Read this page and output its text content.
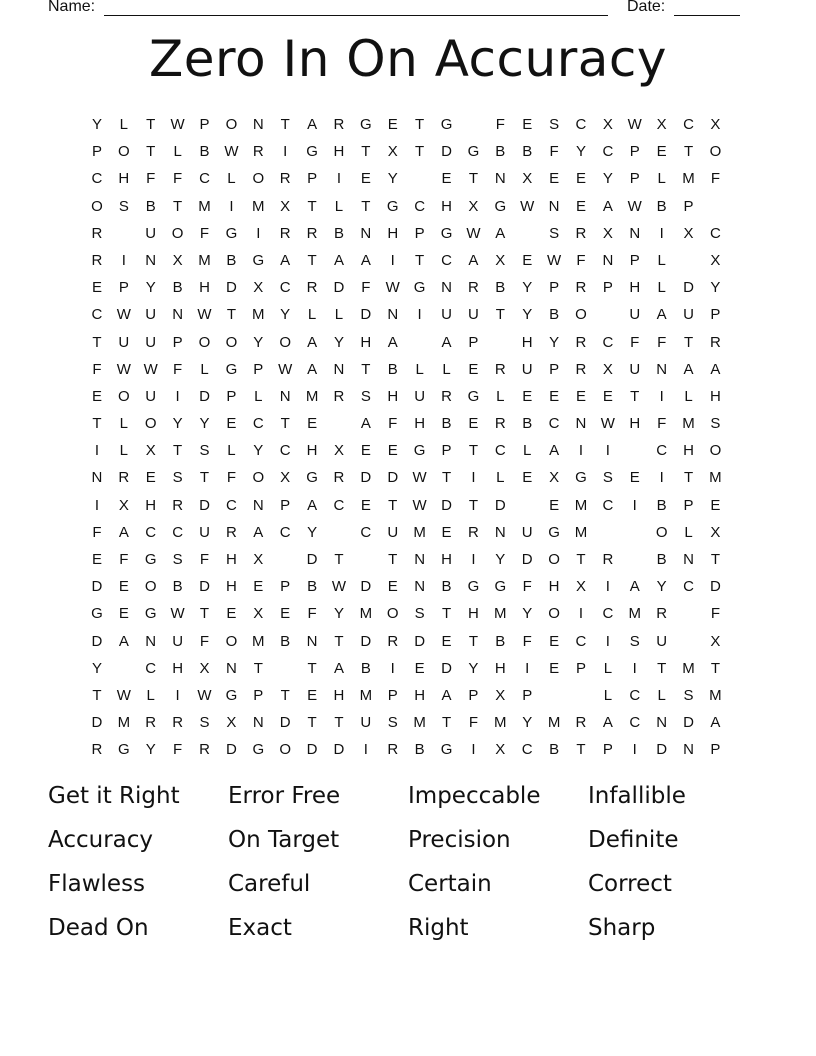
Name:	Date:
Zero In On Accuracy
Y	L	T W P	O N	T	A	R G	E	T	G	F	E	S	C	X W X	C	X
P	O	T	L	B W R	I	G H	T	X	T	D G	B	B	F	Y	C	P	E	T	O
C	H	F	F	C	L	O R	P	I	E	Y	E	T	N	X	E	E	Y	P	L	M	F
O	S	B	T	M	I	M X	T	L	T	G C	H	X	G W N	E	A W B	P
R	U O	F	G	I	R	R	B	N	H	P	G W A	S	R	X	N	I	X	C
R	I	N	X M B	G	A	T	A	A	I	T	C	A	X	E W F	N	P	L	X
E	P	Y	B	H	D	X	C	R	D	F W G N	R	B	Y	P	R	P	H	L	D	Y
C W U	N W T	M Y	L	L	D	N	I	U	U	T	Y	B	O	U	A	U	P
T	U	U	P	O O	Y	O	A	Y	H	A	A	P	H	Y	R	C	F	F	T	R
F W W F	L	G	P W A	N	T	B	L	L	E	R	U	P	R	X	U	N	A	A
E	O U	I	D	P	L	N M R	S	H	U	R G	L	E	E	E	E	T	I	L	H
T	L	O	Y	Y	E	C	T	E	A	F	H	B	E	R	B	C	N W H	F	M S
I	L	X	T	S	L	Y	C	H	X	E	E	G	P	T	C	L	A	I	I	C	H O
N	R	E	S	T	F	O	X	G R	D	D W T	I	L	E	X	G	S	E	I	T	M
I	X	H	R	D	C	N	P	A	C	E	T W D	T	D	E M C	I	B	P	E
F	A	C	C	U	R	A	C	Y	C	U M E	R	N	U G M	O	L	X
E	F	G	S	F	H	X	D	T	T	N	H	I	Y	D O	T	R	B	N	T
D	E	O	B	D	H	E	P	B W D	E	N	B	G G	F	H	X	I	A	Y	C	D
G	E	G W T	E	X	E	F	Y M O	S	T	H M Y	O	I	C M R	F
D	A	N	U	F	O M B	N	T	D	R	D	E	T	B	F	E	C	I	S	U	X
Y	C	H	X	N	T	T	A	B	I	E	D	Y	H	I	E	P	L	I	T	M	T
T W L	I	W G	P	T	E	H M P	H	A	P	X	P	L	C	L	S M
D M R	R	S	X	N	D	T	T	U	S M	T	F	M Y M R	A	C	N	D	A
R G	Y	F	R	D G O D	D	I	R	B	G	I	X	C	B	T	P	I	D	N	P
Get it Right	Error Free	Impeccable	Infallible
Accuracy	On Target	Precision	Definite
Flawless	Careful	Certain	Correct
Dead On	Exact	Right	Sharp
